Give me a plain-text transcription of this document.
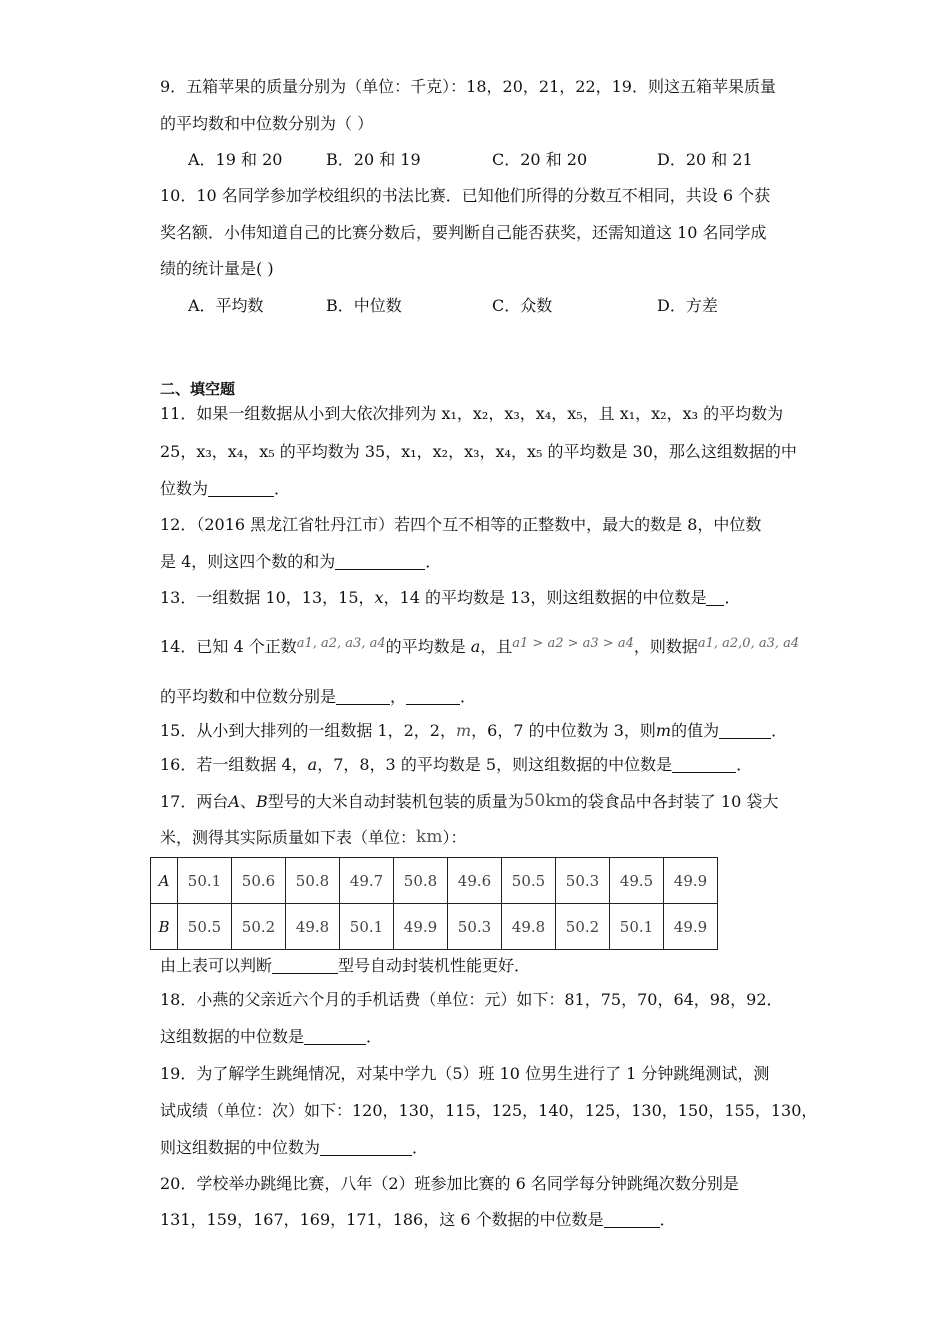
9．五箱苹果的质量分别为（单位：千克）：18，20，21，22，19．则这五箱苹果质量
的平均数和中位数分别为（ ）
A．19 和 20	B．20 和 19	C．20 和 20	D．20 和 21
10．10 名同学参加学校组织的书法比赛．已知他们所得的分数互不相同，共设 6 个获
奖名额．小伟知道自己的比赛分数后，要判断自己能否获奖，还需知道这 10 名同学成
绩的统计量是( )
A．平均数	B．中位数	C．众数	D．方差
二、填空题
11．如果一组数据从小到大依次排列为 x₁，x₂，x₃，x₄，x₅，且 x₁，x₂，x₃ 的平均数为
25，x₃，x₄，x₅ 的平均数为 35，x₁，x₂，x₃，x₄，x₅ 的平均数是 30，那么这组数据的中
位数为	．
12．（2016 黑龙江省牡丹江市）若四个互不相等的正整数中，最大的数是 8，中位数
是 4，则这四个数的和为	．
13．一组数据 10，13，15，x，14 的平均数是 13，则这组数据的中位数是 ．
14．已知 4 个正数$^{a1, a2, a3, a4}$的平均数是 a，且$^{a1 > a2 > a3 > a4}$，则数据$^{a1, a2,0, a3, a4}$
的平均数和中位数分别是	，	．
15．从小到大排列的一组数据 1，2，2，m，6，7 的中位数为 3，则m的值为	．
16．若一组数据 4，a，7，8，3 的平均数是 5，则这组数据的中位数是	．
17．两台A、B型号的大米自动封装机包装的质量为50km的袋食品中各封装了 10 袋大
米，测得其实际质量如下表（单位：km）：
A	50.1	50.6	50.8	49.7	50.8	49.6	50.5	50.3	49.5	49.9
B	50.5	50.2	49.8	50.1	49.9	50.3	49.8	50.2	50.1	49.9
由上表可以判断	型号自动封装机性能更好．
18．小燕的父亲近六个月的手机话费（单位：元）如下：81，75，70，64，98，92．
这组数据的中位数是	．
19．为了解学生跳绳情况，对某中学九（5）班 10 位男生进行了 1 分钟跳绳测试，测
试成绩（单位：次）如下：120，130，115，125，140，125，130，150，155，130，
则这组数据的中位数为	．
20．学校举办跳绳比赛，八年（2）班参加比赛的 6 名同学每分钟跳绳次数分别是
131，159，167，169，171，186，这 6 个数据的中位数是	．
